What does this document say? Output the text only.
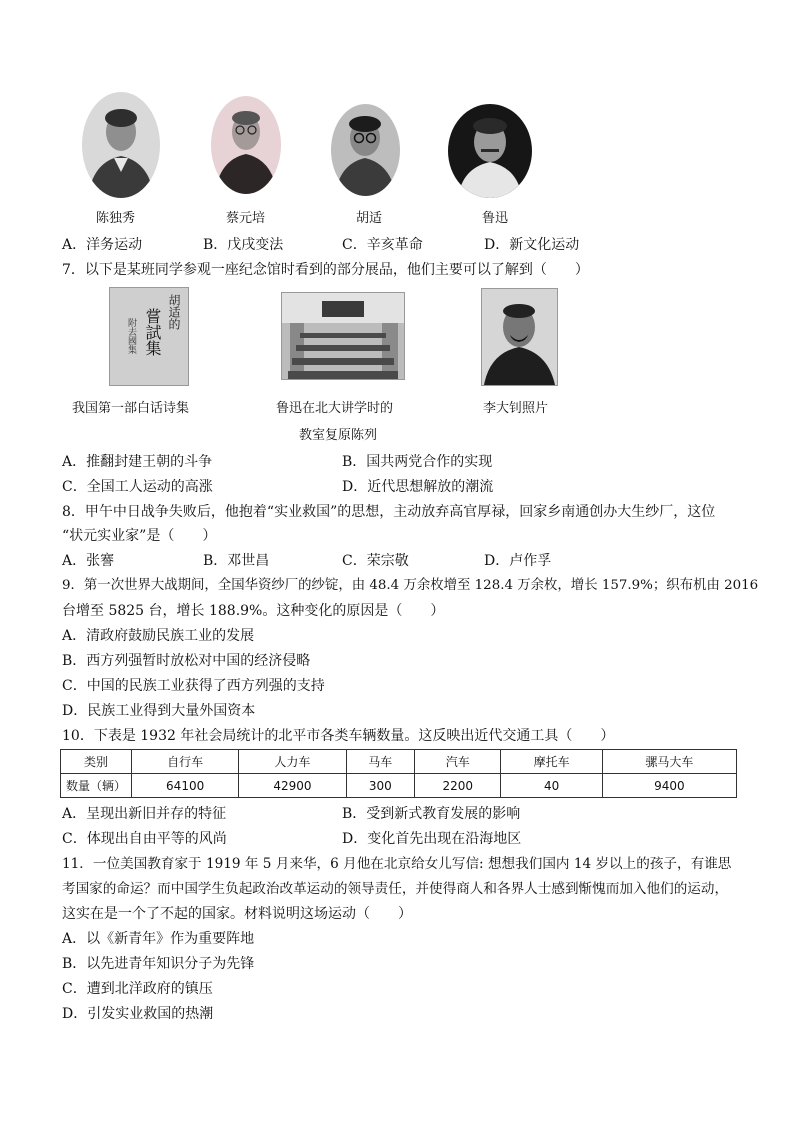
陈独秀	蔡元培	胡适	鲁迅
A．洋务运动	B．戊戌变法	C．辛亥革命	D．新文化运动
7．以下是某班同学参观一座纪念馆时看到的部分展品，他们主要可以了解到（　　）
胡适的
嘗試集
附去國集
我国第一部白话诗集	鲁迅在北大讲学时的
教室复原陈列
李大钊照片
A．推翻封建王朝的斗争	B．国共两党合作的实现
C．全国工人运动的高涨	D．近代思想解放的潮流
8．甲午中日战争失败后，他抱着“实业救国”的思想，主动放弃高官厚禄，回家乡南通创办大生纱厂，这位
“状元实业家”是（　　）
A．张謇	B．邓世昌	C．荣宗敬	D．卢作孚
9．第一次世界大战期间，全国华资纱厂的纱锭，由 48.4 万余枚增至 128.4 万余枚，增长 157.9%；织布机由 2016
台增至 5825 台，增长 188.9%。这种变化的原因是（　　）
A．清政府鼓励民族工业的发展
B．西方列强暂时放松对中国的经济侵略
C．中国的民族工业获得了西方列强的支持
D．民族工业得到大量外国资本
10．下表是 1932 年社会局统计的北平市各类车辆数量。这反映出近代交通工具（　　）
类别	自行车	人力车	马车	汽车	摩托车	骡马大车
数量（辆）	64100	42900	300	2200	40	9400
A．呈现出新旧并存的特征	B．受到新式教育发展的影响
C．体现出自由平等的风尚	D．变化首先出现在沿海地区
11．一位美国教育家于 1919 年 5 月来华，6 月他在北京给女儿写信: 想想我们国内 14 岁以上的孩子，有谁思
考国家的命运？而中国学生负起政治改革运动的领导责任，并使得商人和各界人士感到惭愧而加入他们的运动，
这实在是一个了不起的国家。材料说明这场运动（　　）
A．以《新青年》作为重要阵地
B．以先进青年知识分子为先锋
C．遭到北洋政府的镇压
D．引发实业救国的热潮
